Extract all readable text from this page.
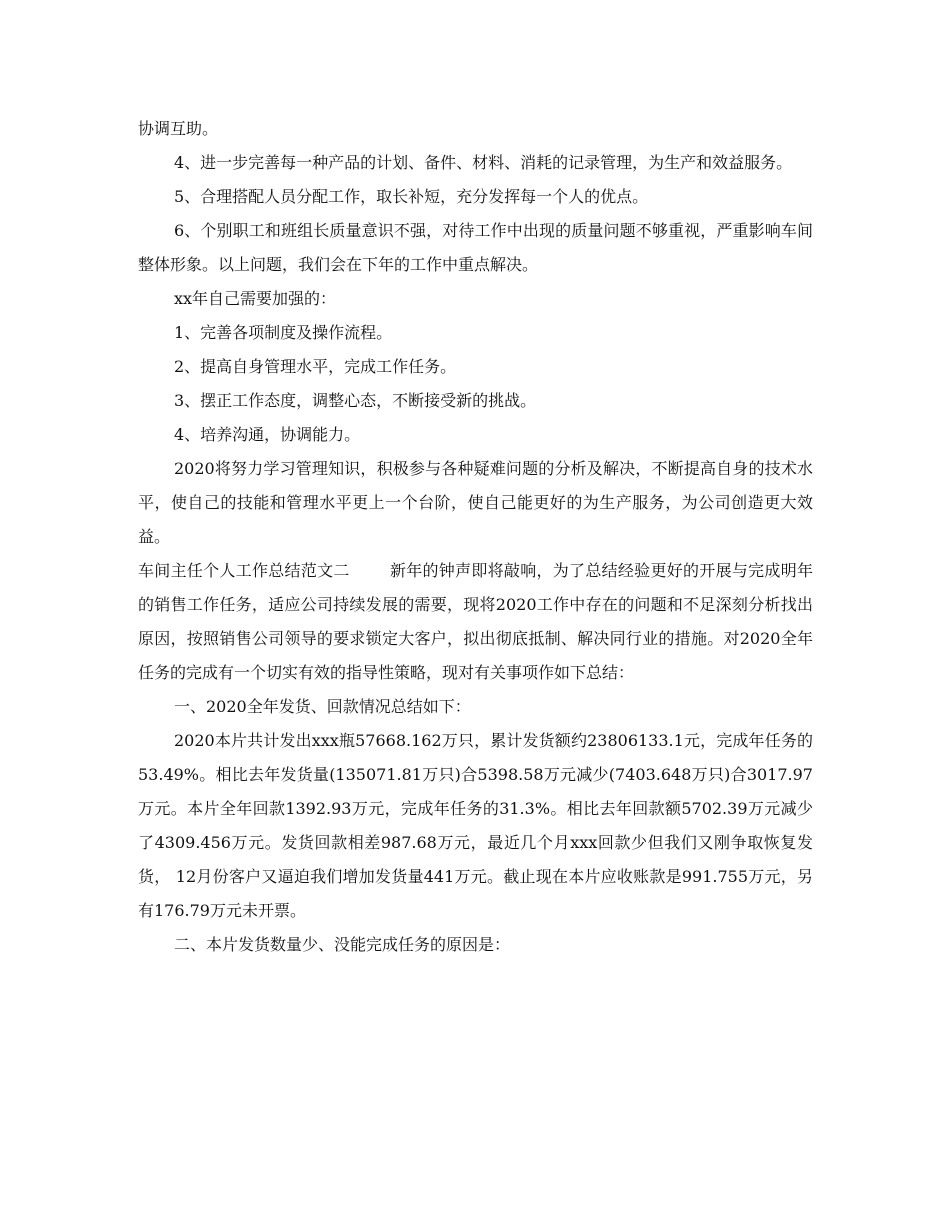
协调互助。

4、进一步完善每一种产品的计划、备件、材料、消耗的记录管理，为生产和效益服务。

5、合理搭配人员分配工作，取长补短，充分发挥每一个人的优点。

6、个别职工和班组长质量意识不强，对待工作中出现的质量问题不够重视，严重影响车间整体形象。以上问题，我们会在下年的工作中重点解决。

xx年自己需要加强的：

1、完善各项制度及操作流程。

2、提高自身管理水平，完成工作任务。

3、摆正工作态度，调整心态，不断接受新的挑战。

4、培养沟通，协调能力。

2020将努力学习管理知识，积极参与各种疑难问题的分析及解决，不断提高自身的技术水平，使自己的技能和管理水平更上一个台阶，使自己能更好的为生产服务，为公司创造更大效益。

车间主任个人工作总结范文二	新年的钟声即将敲响，为了总结经验更好的开展与完成明年的销售工作任务，适应公司持续发展的需要，现将2020工作中存在的问题和不足深刻分析找出原因，按照销售公司领导的要求锁定大客户，拟出彻底抵制、解决同行业的措施。对2020全年任务的完成有一个切实有效的指导性策略，现对有关事项作如下总结：

一、2020全年发货、回款情况总结如下：

2020本片共计发出xxx瓶57668.162万只，累计发货额约23806133.1元，完成年任务的53.49%。相比去年发货量(135071.81万只)合5398.58万元减少(7403.648万只)合3017.97万元。本片全年回款1392.93万元，完成年任务的31.3%。相比去年回款额5702.39万元减少了4309.456万元。发货回款相差987.68万元，最近几个月xxx回款少但我们又刚争取恢复发货， 12月份客户又逼迫我们增加发货量441万元。截止现在本片应收账款是991.755万元，另有176.79万元未开票。

二、本片发货数量少、没能完成任务的原因是：
